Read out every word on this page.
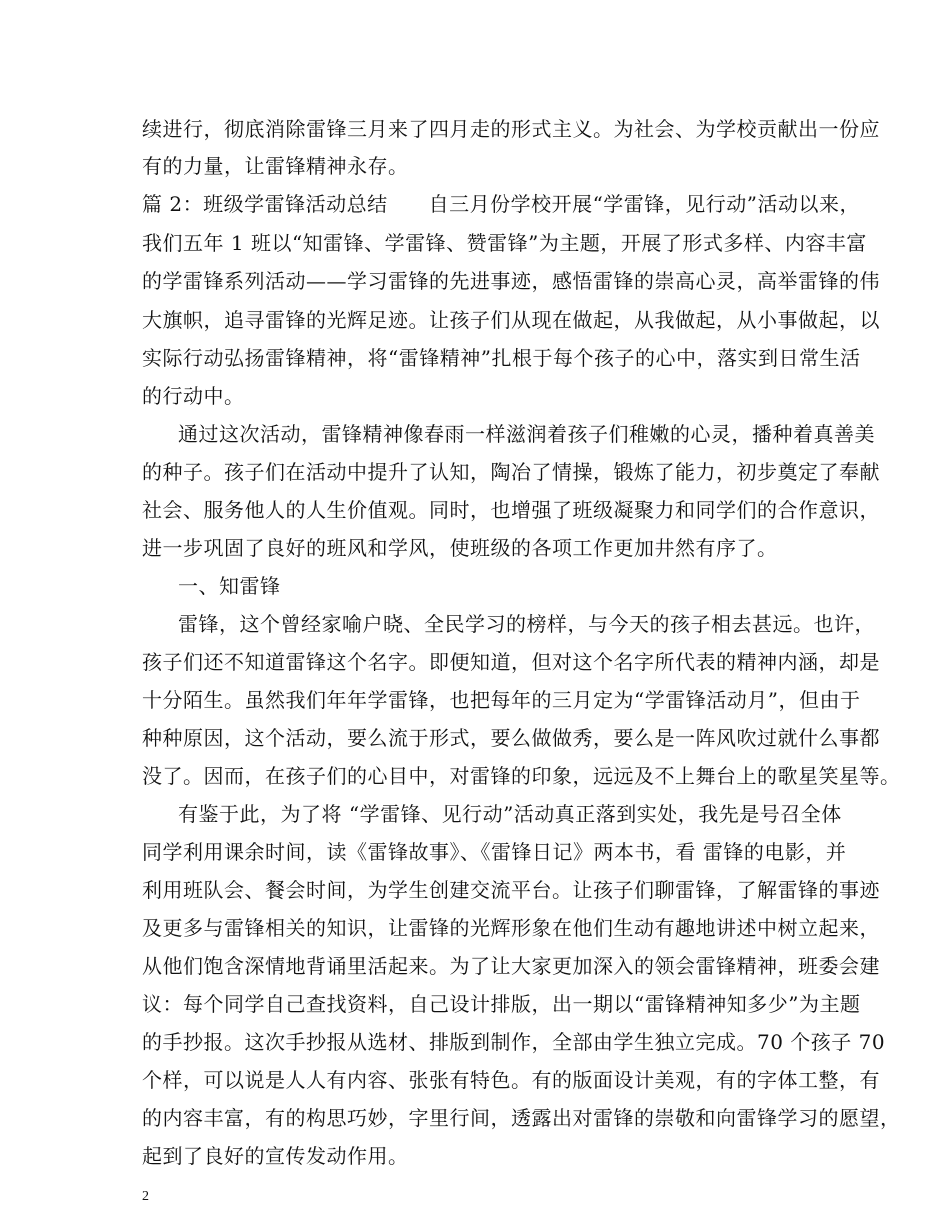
续进行，彻底消除雷锋三月来了四月走的形式主义。为社会、为学校贡献出一份应
有的力量，让雷锋精神永存。
篇 2：班级学雷锋活动总结　　自三月份学校开展“学雷锋，见行动”活动以来，
我们五年 1 班以“知雷锋、学雷锋、赞雷锋”为主题，开展了形式多样、内容丰富
的学雷锋系列活动——学习雷锋的先进事迹，感悟雷锋的崇高心灵，高举雷锋的伟
大旗帜，追寻雷锋的光辉足迹。让孩子们从现在做起，从我做起，从小事做起，以
实际行动弘扬雷锋精神，将“雷锋精神”扎根于每个孩子的心中，落实到日常生活
的行动中。
通过这次活动，雷锋精神像春雨一样滋润着孩子们稚嫩的心灵，播种着真善美
的种子。孩子们在活动中提升了认知，陶冶了情操，锻炼了能力，初步奠定了奉献
社会、服务他人的人生价值观。同时，也增强了班级凝聚力和同学们的合作意识，
进一步巩固了良好的班风和学风，使班级的各项工作更加井然有序了。
一、知雷锋
雷锋，这个曾经家喻户晓、全民学习的榜样，与今天的孩子相去甚远。也许，
孩子们还不知道雷锋这个名字。即便知道，但对这个名字所代表的精神内涵，却是
十分陌生。虽然我们年年学雷锋，也把每年的三月定为“学雷锋活动月”，但由于
种种原因，这个活动，要么流于形式，要么做做秀，要么是一阵风吹过就什么事都
没了。因而，在孩子们的心目中，对雷锋的印象，远远及不上舞台上的歌星笑星等。
有鉴于此，为了将 “学雷锋、见行动”活动真正落到实处，我先是号召全体
同学利用课余时间，读《雷锋故事》、《雷锋日记》两本书，看 雷锋的电影，并
利用班队会、餐会时间，为学生创建交流平台。让孩子们聊雷锋，了解雷锋的事迹
及更多与雷锋相关的知识，让雷锋的光辉形象在他们生动有趣地讲述中树立起来，
从他们饱含深情地背诵里活起来。为了让大家更加深入的领会雷锋精神，班委会建
议：每个同学自己查找资料，自己设计排版，出一期以“雷锋精神知多少”为主题
的手抄报。这次手抄报从选材、排版到制作，全部由学生独立完成。70 个孩子 70
个样，可以说是人人有内容、张张有特色。有的版面设计美观，有的字体工整，有
的内容丰富，有的构思巧妙，字里行间，透露出对雷锋的崇敬和向雷锋学习的愿望，
起到了良好的宣传发动作用。
2
